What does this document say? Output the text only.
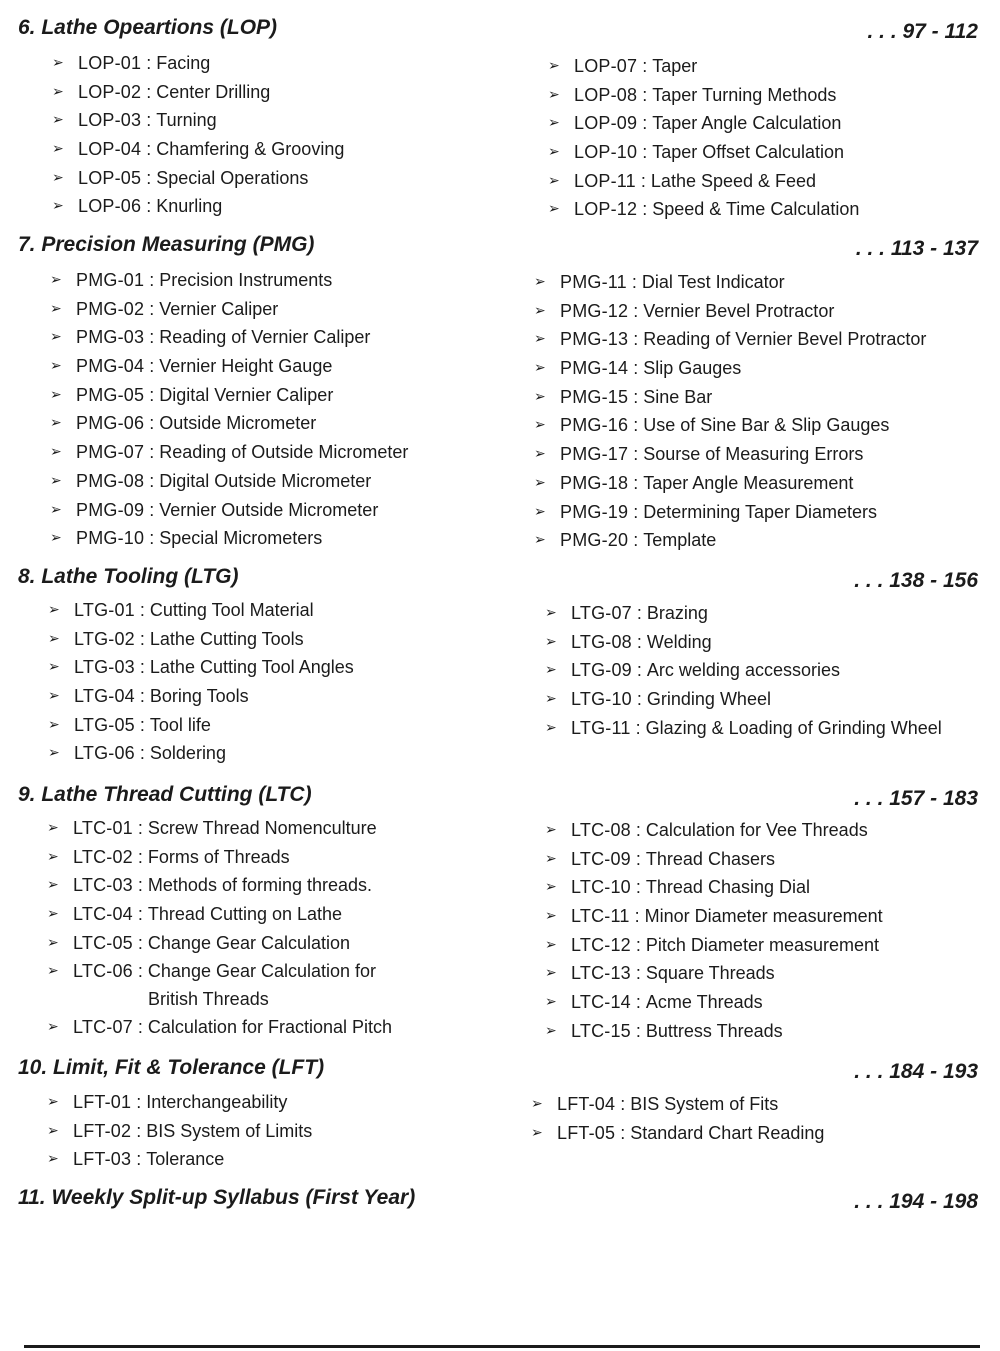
6. Lathe Opeartions (LOP)	. . . 97 - 112
➢ LOP-01 : Facing
➢ LOP-02 : Center Drilling
➢ LOP-03 : Turning
➢ LOP-04 : Chamfering & Grooving
➢ LOP-05 : Special Operations
➢ LOP-06 : Knurling
➢ LOP-07 : Taper
➢ LOP-08 : Taper Turning Methods
➢ LOP-09 : Taper Angle Calculation
➢ LOP-10 : Taper Offset Calculation
➢ LOP-11 : Lathe Speed & Feed
➢ LOP-12 : Speed & Time Calculation
7. Precision Measuring (PMG)	. . . 113 - 137
➢ PMG-01 : Precision Instruments
➢ PMG-02 : Vernier Caliper
➢ PMG-03 : Reading of Vernier Caliper
➢ PMG-04 : Vernier Height Gauge
➢ PMG-05 : Digital Vernier Caliper
➢ PMG-06 : Outside Micrometer
➢ PMG-07 : Reading of Outside Micrometer
➢ PMG-08 : Digital Outside Micrometer
➢ PMG-09 : Vernier Outside Micrometer
➢ PMG-10 : Special Micrometers
➢ PMG-11 : Dial Test Indicator
➢ PMG-12 : Vernier Bevel Protractor
➢ PMG-13 : Reading of Vernier Bevel Protractor
➢ PMG-14 : Slip Gauges
➢ PMG-15 : Sine Bar
➢ PMG-16 : Use of Sine Bar & Slip Gauges
➢ PMG-17 : Sourse of Measuring Errors
➢ PMG-18 : Taper Angle Measurement
➢ PMG-19 : Determining Taper Diameters
➢ PMG-20 : Template
8. Lathe Tooling (LTG)	. . . 138 - 156
➢ LTG-01 : Cutting Tool Material
➢ LTG-02 : Lathe Cutting Tools
➢ LTG-03 : Lathe Cutting Tool Angles
➢ LTG-04 : Boring Tools
➢ LTG-05 : Tool life
➢ LTG-06 : Soldering
➢ LTG-07 : Brazing
➢ LTG-08 : Welding
➢ LTG-09 : Arc welding accessories
➢ LTG-10 : Grinding Wheel
➢ LTG-11 : Glazing & Loading of Grinding Wheel
9. Lathe Thread Cutting (LTC)	. . . 157 - 183
➢ LTC-01 : Screw Thread Nomenculture
➢ LTC-02 : Forms of Threads
➢ LTC-03 : Methods of forming threads.
➢ LTC-04 : Thread Cutting on Lathe
➢ LTC-05 : Change Gear Calculation
➢ LTC-06 : Change Gear Calculation for
British Threads
➢ LTC-07 : Calculation for Fractional Pitch
➢ LTC-08 : Calculation for Vee Threads
➢ LTC-09 : Thread Chasers
➢ LTC-10 : Thread Chasing Dial
➢ LTC-11 : Minor Diameter measurement
➢ LTC-12 : Pitch Diameter measurement
➢ LTC-13 : Square Threads
➢ LTC-14 : Acme Threads
➢ LTC-15 : Buttress Threads
10. Limit, Fit & Tolerance (LFT)	. . . 184 - 193
➢ LFT-01 : Interchangeability
➢ LFT-02 : BIS System of Limits
➢ LFT-03 : Tolerance
➢ LFT-04 : BIS System of Fits
➢ LFT-05 : Standard Chart Reading
11. Weekly Split-up Syllabus (First Year)	. . . 194 - 198
